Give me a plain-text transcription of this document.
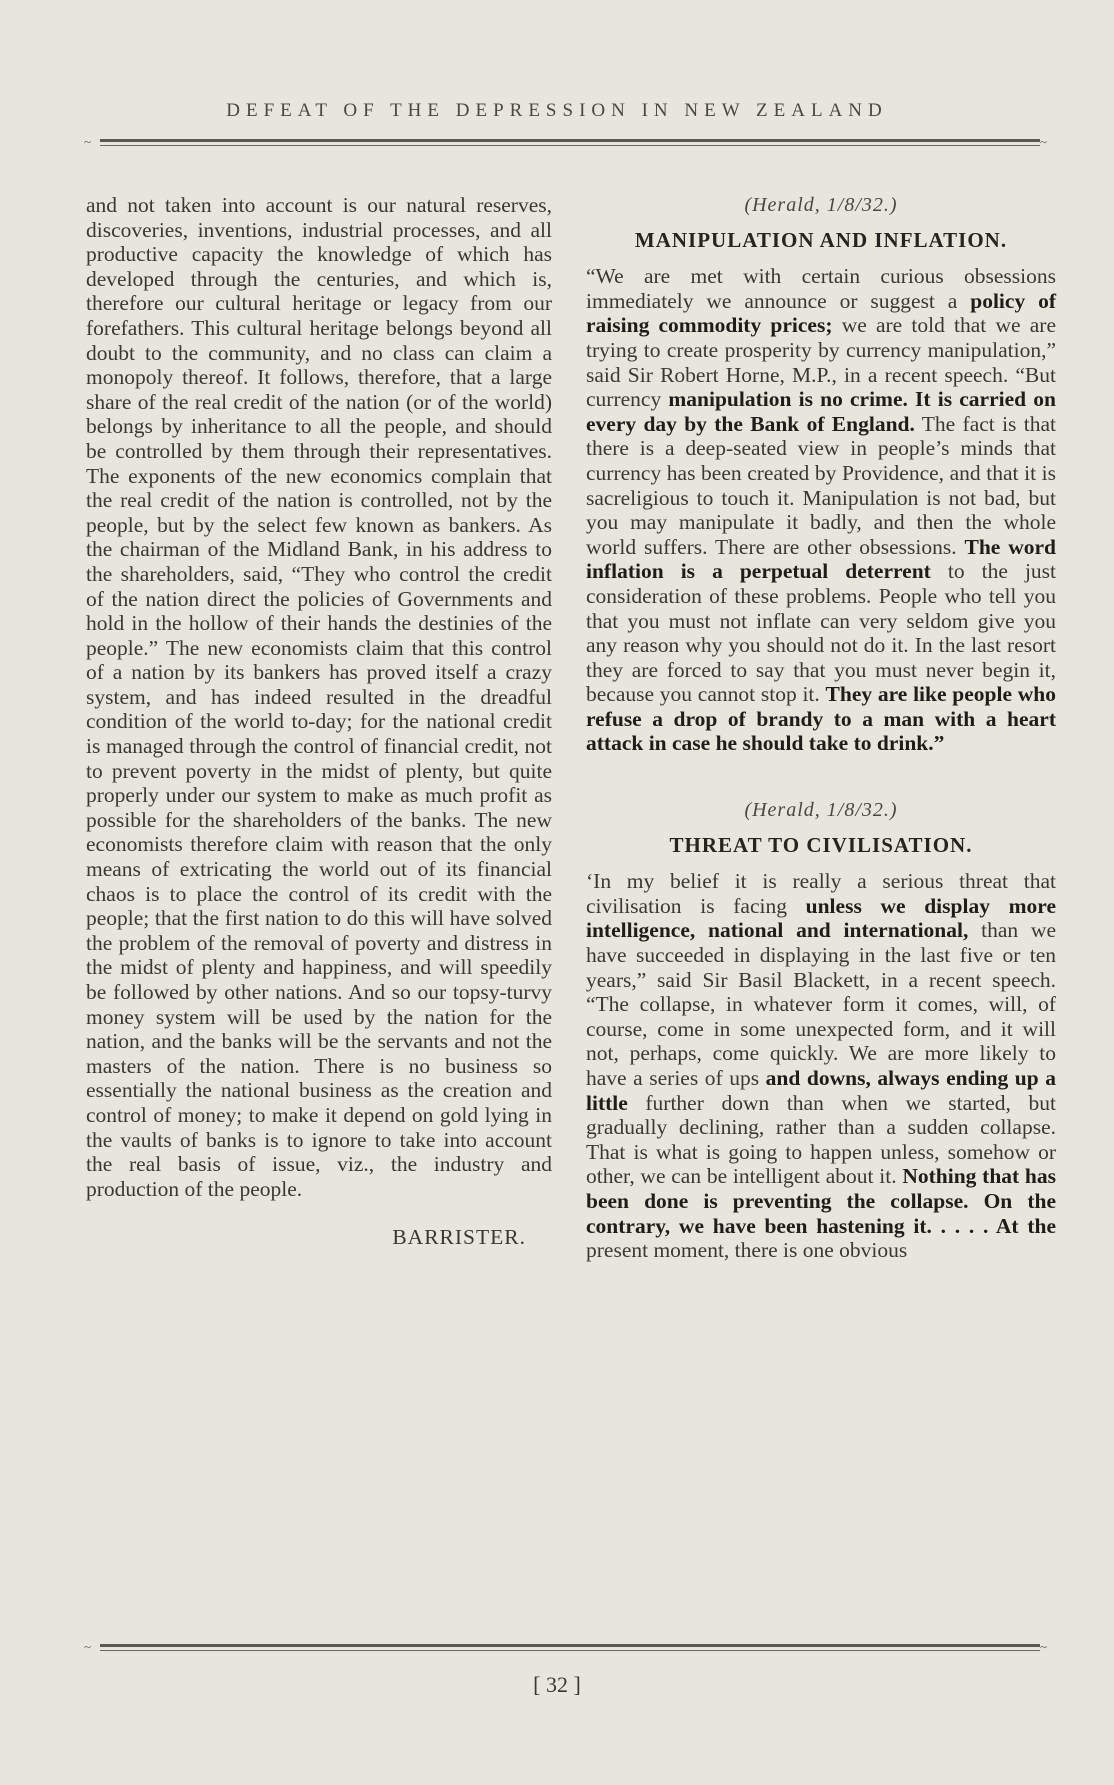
DEFEAT OF THE DEPRESSION IN NEW ZEALAND
~	~

and not taken into account is our natural reserves, discoveries, inventions, industrial processes, and all productive capacity the knowledge of which has developed through the centuries, and which is, therefore our cultural heritage or legacy from our forefathers. This cultural heritage belongs beyond all doubt to the community, and no class can claim a monopoly thereof. It follows, therefore, that a large share of the real credit of the nation (or of the world) belongs by inheritance to all the people, and should be controlled by them through their representatives. The exponents of the new economics complain that the real credit of the nation is controlled, not by the people, but by the select few known as bankers. As the chairman of the Midland Bank, in his address to the shareholders, said, “They who control the credit of the nation direct the policies of Governments and hold in the hollow of their hands the destinies of the people.” The new economists claim that this control of a nation by its bankers has proved itself a crazy system, and has indeed resulted in the dreadful condition of the world to-day; for the national credit is managed through the control of financial credit, not to prevent poverty in the midst of plenty, but quite properly under our system to make as much profit as possible for the shareholders of the banks. The new economists therefore claim with reason that the only means of extricating the world out of its financial chaos is to place the control of its credit with the people; that the first nation to do this will have solved the problem of the removal of poverty and distress in the midst of plenty and happiness, and will speedily be followed by other nations. And so our topsy-turvy money system will be used by the nation for the nation, and the banks will be the servants and not the masters of the nation. There is no business so essentially the national business as the creation and control of money; to make it depend on gold lying in the vaults of banks is to ignore to take into account the real basis of issue, viz., the industry and production of the people.

BARRISTER.
(Herald, 1/8/32.)
MANIPULATION AND INFLATION.

“We are met with certain curious obsessions immediately we announce or suggest a policy of raising commodity prices; we are told that we are trying to create prosperity by currency manipulation,” said Sir Robert Horne, M.P., in a recent speech. “But currency manipulation is no crime. It is carried on every day by the Bank of England. The fact is that there is a deep-seated view in people’s minds that currency has been created by Providence, and that it is sacreligious to touch it. Manipulation is not bad, but you may manipulate it badly, and then the whole world suffers. There are other obsessions. The word inflation is a perpetual deterrent to the just consideration of these problems. People who tell you that you must not inflate can very seldom give you any reason why you should not do it. In the last resort they are forced to say that you must never begin it, because you cannot stop it. They are like people who refuse a drop of brandy to a man with a heart attack in case he should take to drink.”

(Herald, 1/8/32.)
THREAT TO CIVILISATION.

‘In my belief it is really a serious threat that civilisation is facing unless we display more intelligence, national and international, than we have succeeded in displaying in the last five or ten years,” said Sir Basil Blackett, in a recent speech. “The collapse, in whatever form it comes, will, of course, come in some unexpected form, and it will not, perhaps, come quickly. We are more likely to have a series of ups and downs, always ending up a little further down than when we started, but gradually declining, rather than a sudden collapse. That is what is going to happen unless, somehow or other, we can be intelligent about it. Nothing that has been done is preventing the collapse. On the contrary, we have been hastening it. . . . . At the present moment, there is one obvious

~	~
[ 32 ]
